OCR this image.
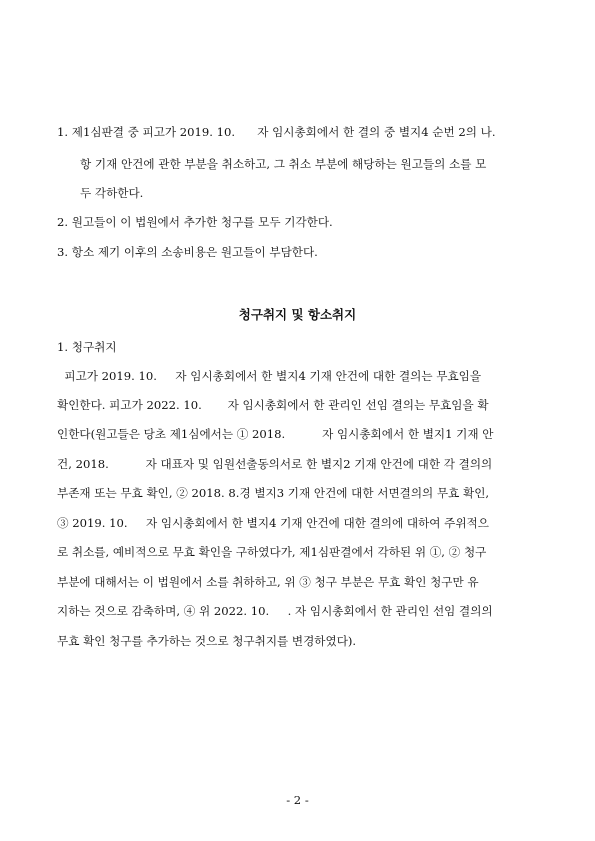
1. 제1심판결 중 피고가 2019. 10.      자 임시총회에서 한 결의 중 별지4 순번 2의 나.
항 기재 안건에 관한 부분을 취소하고, 그 취소 부분에 해당하는 원고들의 소를 모
두 각하한다.
2. 원고들이 이 법원에서 추가한 청구를 모두 기각한다.
3. 항소 제기 이후의 소송비용은 원고들이 부담한다.
청구취지 및 항소취지
1. 청구취지
피고가 2019. 10.     자 임시총회에서 한 별지4 기재 안건에 대한 결의는 무효임을
확인한다. 피고가 2022. 10.       자 임시총회에서 한 관리인 선임 결의는 무효임을 확
인한다(원고들은 당초 제1심에서는 ① 2018.          자 임시총회에서 한 별지1 기재 안
건, 2018.          자 대표자 및 임원선출동의서로 한 별지2 기재 안건에 대한 각 결의의
부존재 또는 무효 확인, ② 2018. 8.경 별지3 기재 안건에 대한 서면결의의 무효 확인,
③ 2019. 10.     자 임시총회에서 한 별지4 기재 안건에 대한 결의에 대하여 주위적으
로 취소를, 예비적으로 무효 확인을 구하였다가, 제1심판결에서 각하된 위 ①, ② 청구
부분에 대해서는 이 법원에서 소를 취하하고, 위 ③ 청구 부분은 무효 확인 청구만 유
지하는 것으로 감축하며, ④ 위 2022. 10.     . 자 임시총회에서 한 관리인 선임 결의의
무효 확인 청구를 추가하는 것으로 청구취지를 변경하였다).
- 2 -
